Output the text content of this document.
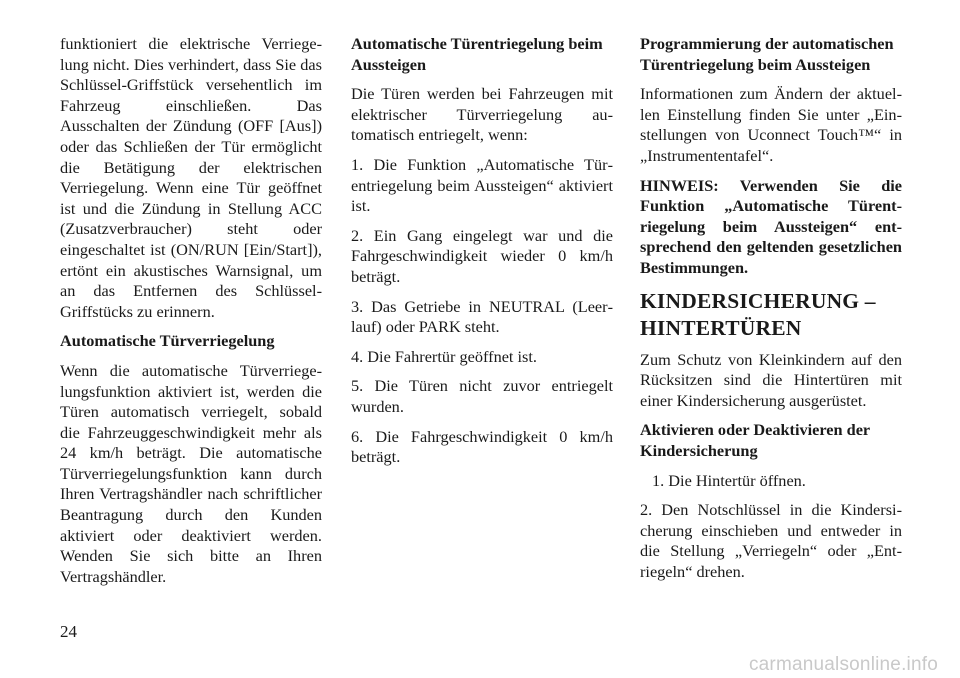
funktioniert die elektrische Verriegelung nicht. Dies verhindert, dass Sie das Schlüssel-Griffstück versehentlich im Fahrzeug einschließen. Das Ausschalten der Zündung (OFF [Aus]) oder das Schließen der Tür ermöglicht die Betätigung der elektrischen Verriegelung. Wenn eine Tür geöffnet ist und die Zündung in Stellung ACC (Zusatzverbraucher) steht oder eingeschaltet ist (ON/RUN [Ein/Start]), ertönt ein akustisches Warnsignal, um an das Entfernen des Schlüssel-Griffstücks zu erinnern.

Automatische Türverriegelung

Wenn die automatische Türverriegelungsfunktion aktiviert ist, werden die Türen automatisch verriegelt, sobald die Fahrzeuggeschwindigkeit mehr als 24 km/h beträgt. Die automatische Türverriegelungsfunktion kann durch Ihren Vertragshändler nach schriftlicher Beantragung durch den Kunden aktiviert oder deaktiviert werden. Wenden Sie sich bitte an Ihren Vertragshändler.

Automatische Türentriegelung beim Aussteigen

Die Türen werden bei Fahrzeugen mit elektrischer Türverriegelung automatisch entriegelt, wenn:

1. Die Funktion „Automatische Türentriegelung beim Aussteigen“ aktiviert ist.

2. Ein Gang eingelegt war und die Fahrgeschwindigkeit wieder 0 km/h beträgt.

3. Das Getriebe in NEUTRAL (Leerlauf) oder PARK steht.

4. Die Fahrertür geöffnet ist.

5. Die Türen nicht zuvor entriegelt wurden.

6. Die Fahrgeschwindigkeit 0 km/h beträgt.

Programmierung der automatischen Türentriegelung beim Aussteigen

Informationen zum Ändern der aktuellen Einstellung finden Sie unter „Einstellungen von Uconnect Touch™“ in „Instrumententafel“.

HINWEIS: Verwenden Sie die Funktion „Automatische Türentriegelung beim Aussteigen“ entsprechend den geltenden gesetzlichen Bestimmungen.

KINDERSICHERUNG – HINTERTÜREN

Zum Schutz von Kleinkindern auf den Rücksitzen sind die Hintertüren mit einer Kindersicherung ausgerüstet.

Aktivieren oder Deaktivieren der Kindersicherung

1. Die Hintertür öffnen.

2. Den Notschlüssel in die Kindersicherung einschieben und entweder in die Stellung „Verriegeln“ oder „Entriegeln“ drehen.

24
carmanualsonline.info
